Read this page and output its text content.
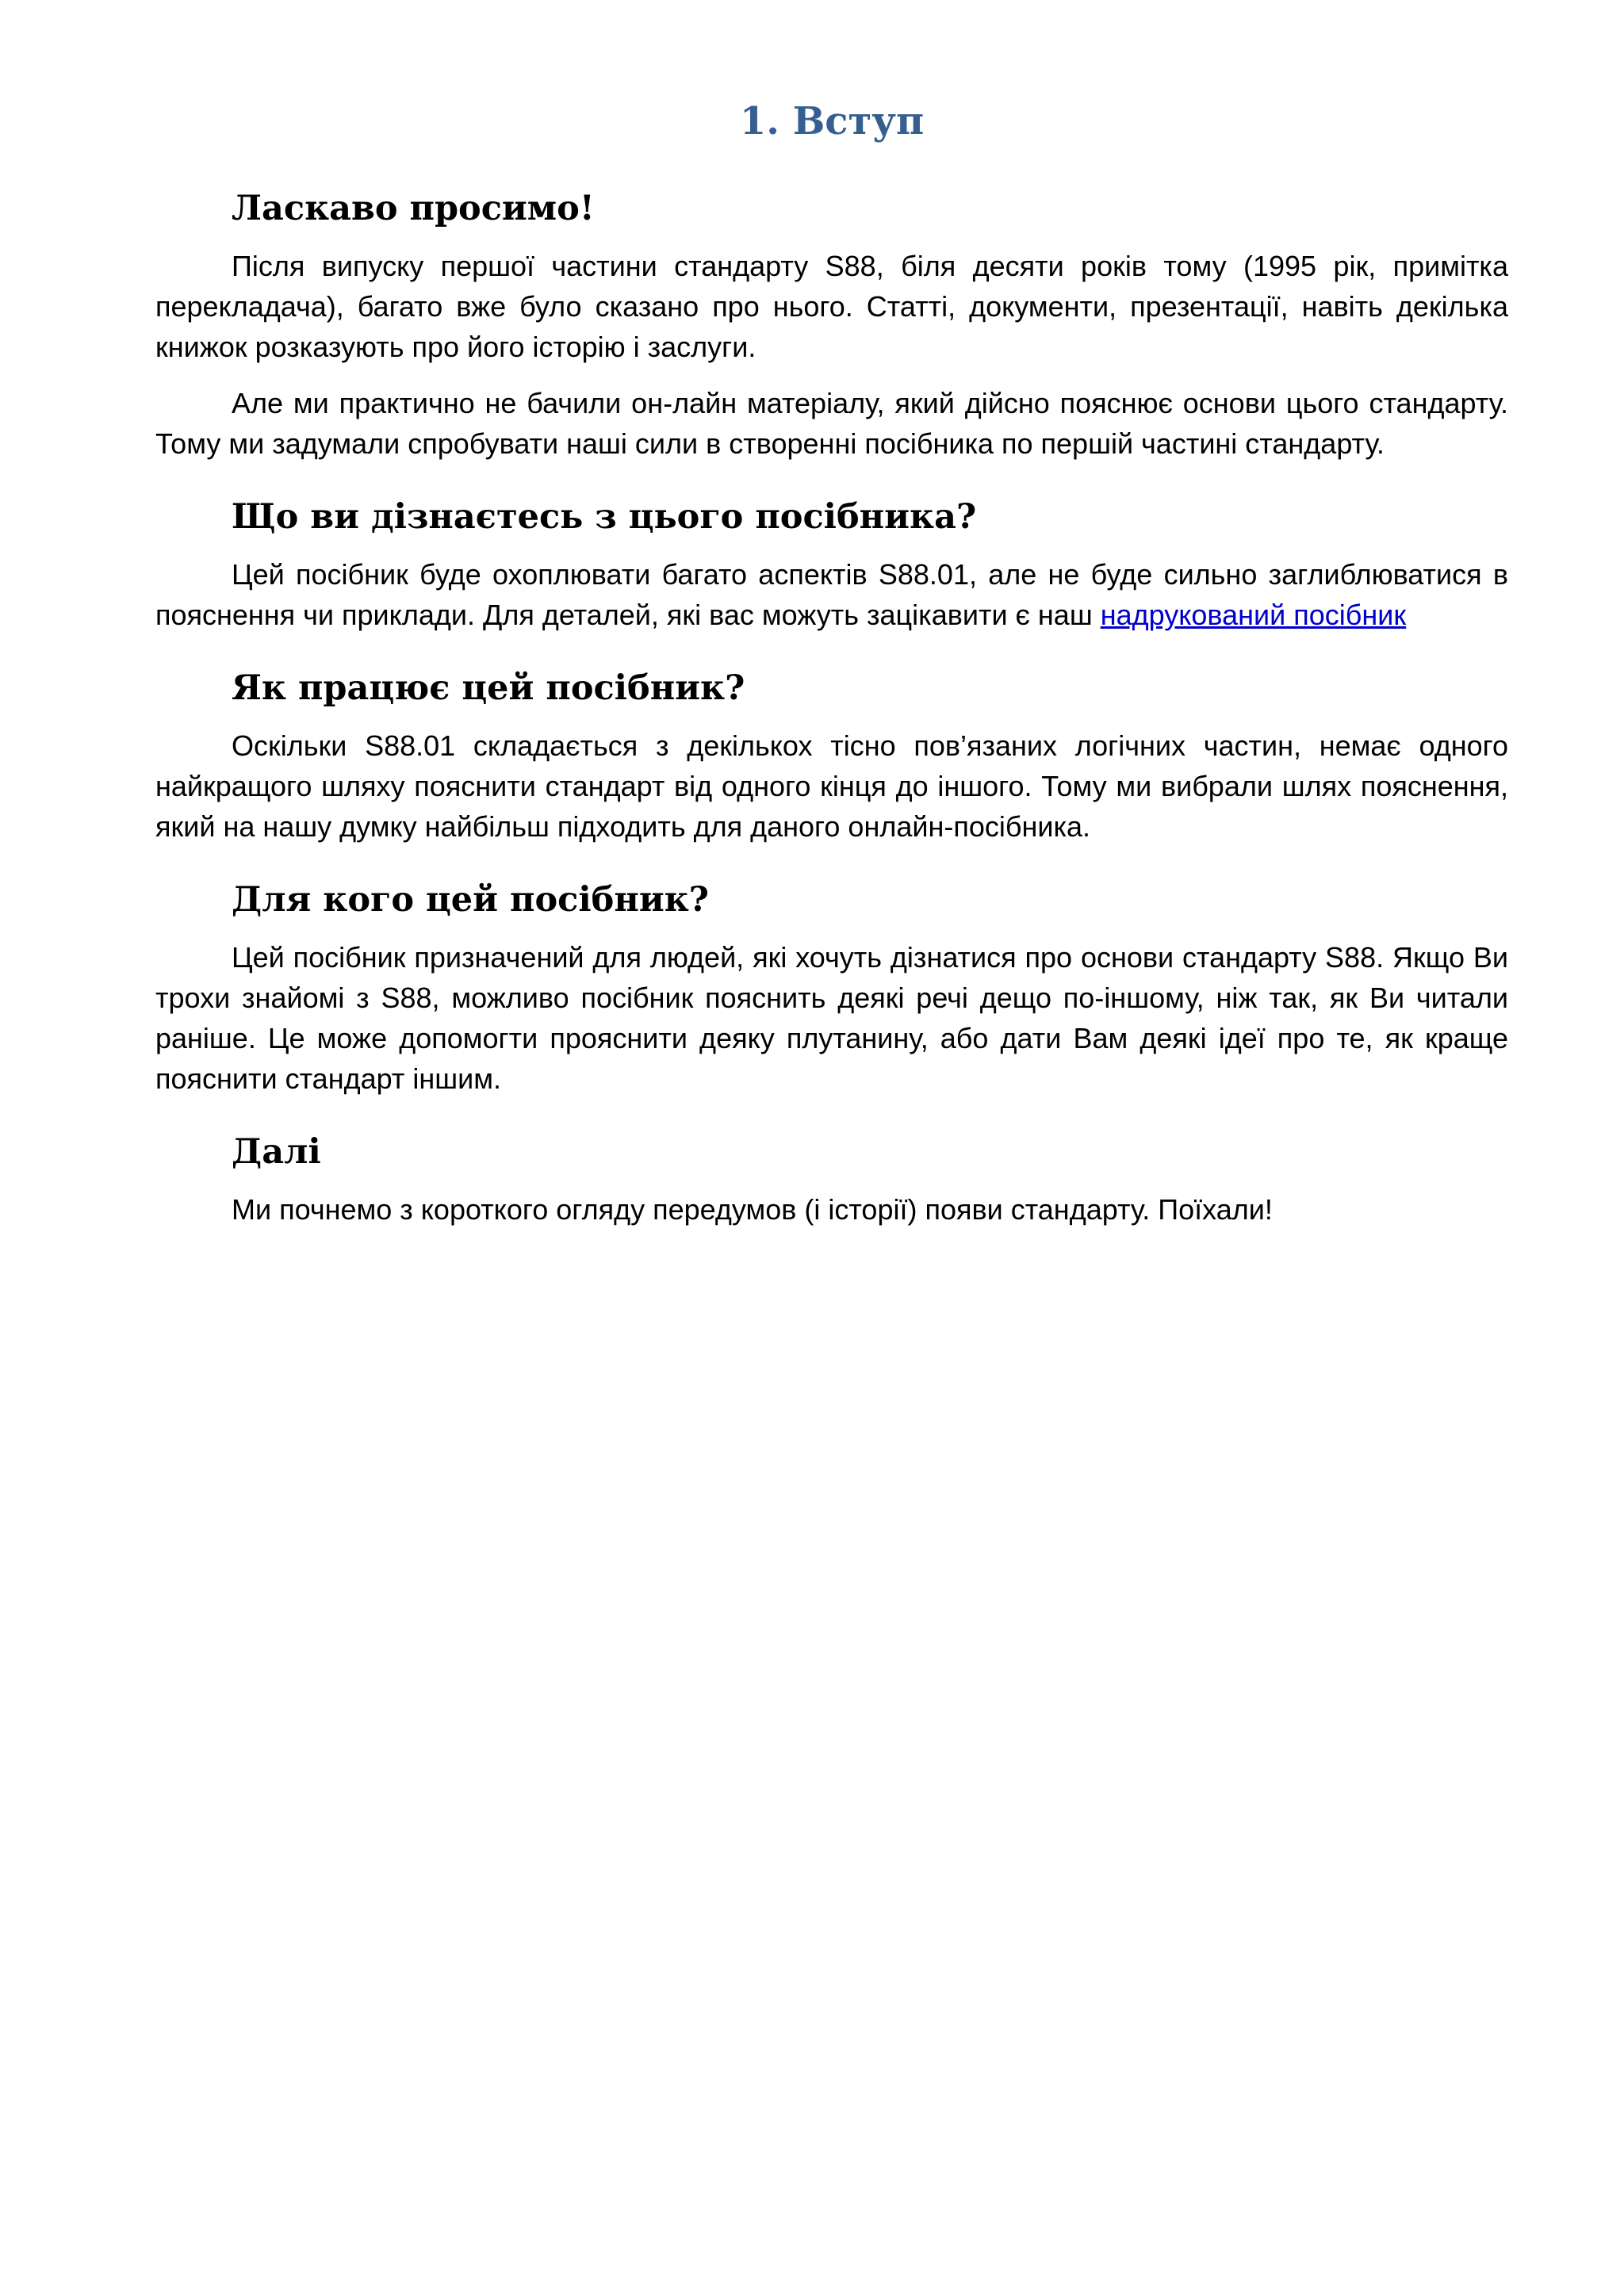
1. Вступ
Ласкаво просимо!

Після випуску першої частини стандарту S88, біля десяти років тому (1995 рік, примітка перекладача), багато вже було сказано про нього. Статті, документи, презентації, навіть декілька книжок розказують про його історію і заслуги.

Але ми практично не бачили он-лайн матеріалу, який дійсно пояснює основи цього стандарту. Тому ми задумали спробувати наші сили в створенні посібника по першій частині стандарту.

Що ви дізнаєтесь з цього посібника?

Цей посібник буде охоплювати багато аспектів S88.01, але не буде сильно заглиблюватися в пояснення чи приклади. Для деталей, які вас можуть зацікавити є наш надрукований посібник

Як працює цей посібник?

Оскільки S88.01 складається з декількох тісно пов’язаних логічних частин, немає одного найкращого шляху пояснити стандарт від одного кінця до іншого. Тому ми вибрали шлях пояснення, який на нашу думку найбільш підходить для даного онлайн-посібника.

Для кого цей посібник?

Цей посібник призначений для людей, які хочуть дізнатися про основи стандарту S88. Якщо Ви трохи знайомі з S88, можливо посібник пояснить деякі речі дещо по-іншому, ніж так, як Ви читали раніше. Це може допомогти прояснити деяку плутанину, або дати Вам деякі ідеї про те, як краще пояснити стандарт іншим.

Далі

Ми почнемо з короткого огляду передумов (і історії) появи стандарту. Поїхали!
